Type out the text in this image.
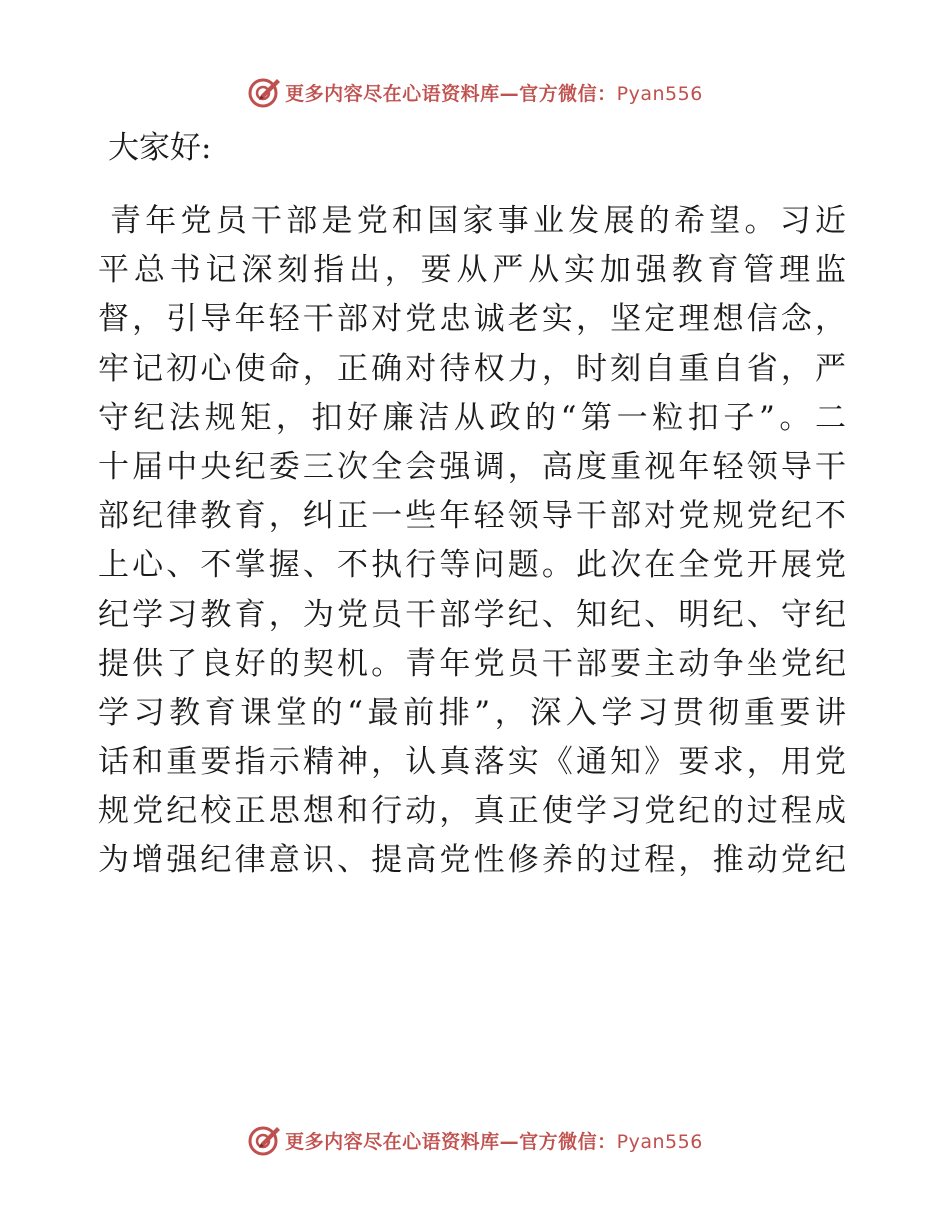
更多内容尽在心语资料库—官方微信：Pyan556

大家好:

青年党员干部是党和国家事业发展的希望。习近
平总书记深刻指出，要从严从实加强教育管理监
督，引导年轻干部对党忠诚老实，坚定理想信念，
牢记初心使命，正确对待权力，时刻自重自省，严
守纪法规矩，扣好廉洁从政的“第一粒扣子”。二
十届中央纪委三次全会强调，高度重视年轻领导干
部纪律教育，纠正一些年轻领导干部对党规党纪不
上心、不掌握、不执行等问题。此次在全党开展党
纪学习教育，为党员干部学纪、知纪、明纪、守纪
提供了良好的契机。青年党员干部要主动争坐党纪
学习教育课堂的“最前排”，深入学习贯彻重要讲
话和重要指示精神，认真落实《通知》要求，用党
规党纪校正思想和行动，真正使学习党纪的过程成
为增强纪律意识、提高党性修养的过程，推动党纪
更多内容尽在心语资料库—官方微信：Pyan556
